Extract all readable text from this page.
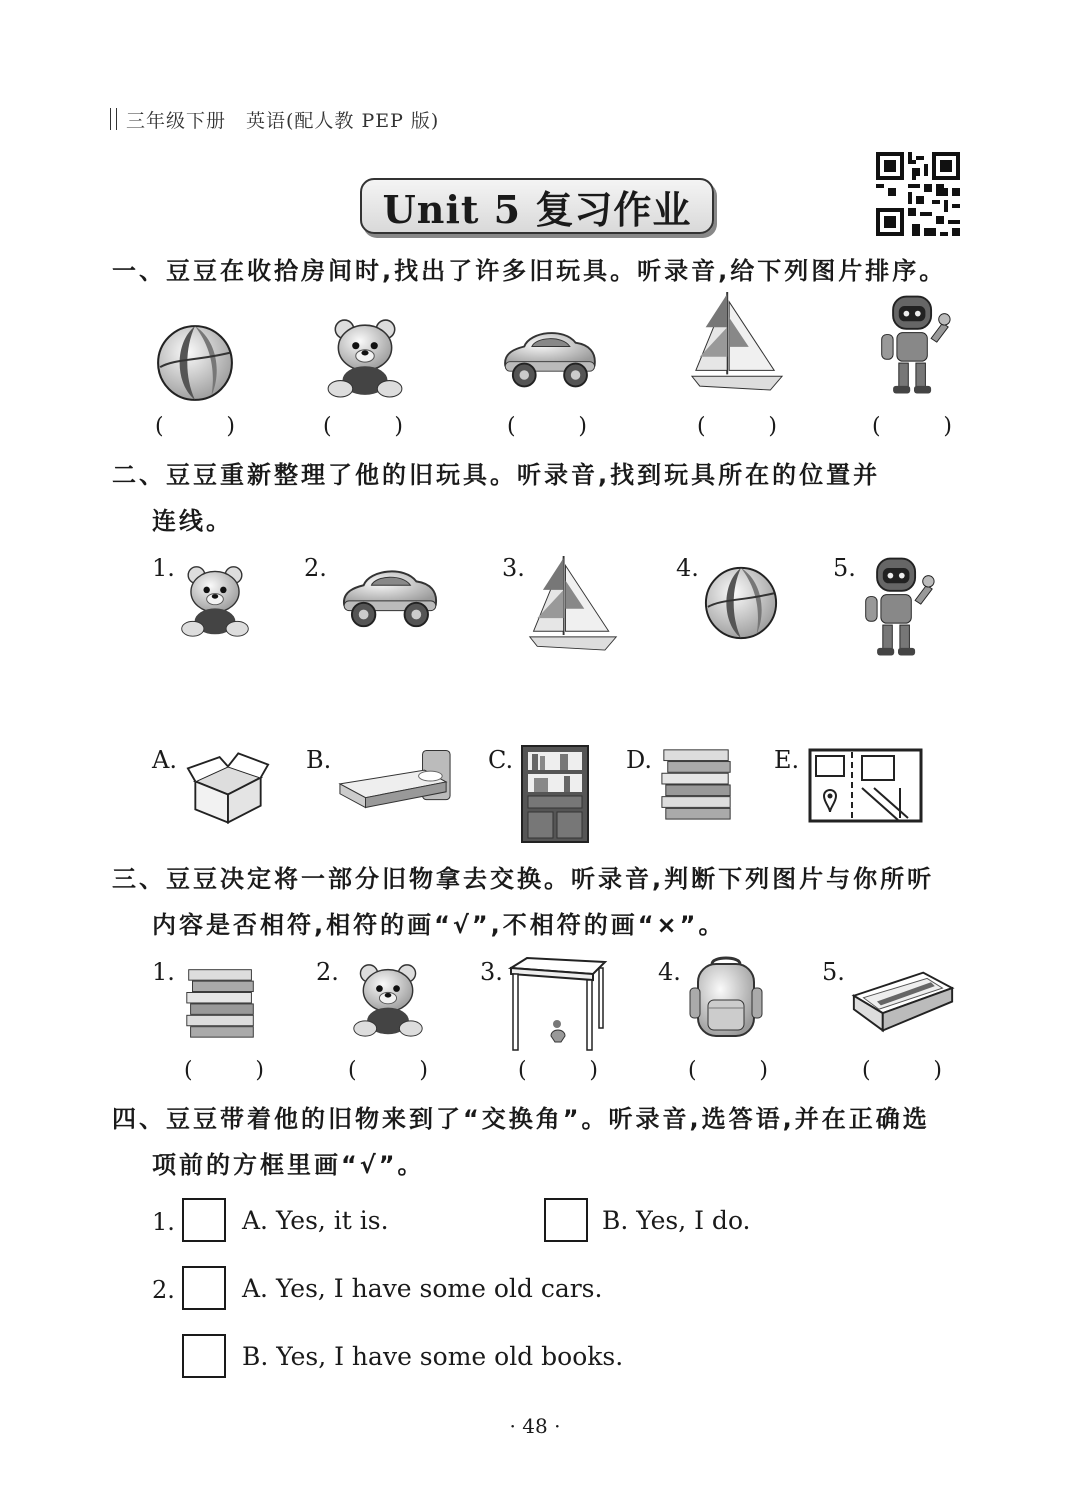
三年级下册　英语(配人教 PEP 版)
Unit 5 复习作业
一、豆豆在收拾房间时,找出了许多旧玩具。听录音,给下列图片排序。
(	)	(	)	(	)	(	)	(	)
二、豆豆重新整理了他的旧玩具。听录音,找到玩具所在的位置并
连线。
1.	2.	3.	4.	5.
A.	B.	C.	D.	E.
三、豆豆决定将一部分旧物拿去交换。听录音,判断下列图片与你所听
内容是否相符,相符的画“√”,不相符的画“×”。
1.	2.	3.	4.	5.
(	)	(	)	(	)	(	)	(	)
四、豆豆带着他的旧物来到了“交换角”。听录音,选答语,并在正确选
项前的方框里画“√”。
1.	A. Yes, it is.	B. Yes, I do.
2.	A. Yes, I have some old cars.
B. Yes, I have some old books.
· 48 ·
